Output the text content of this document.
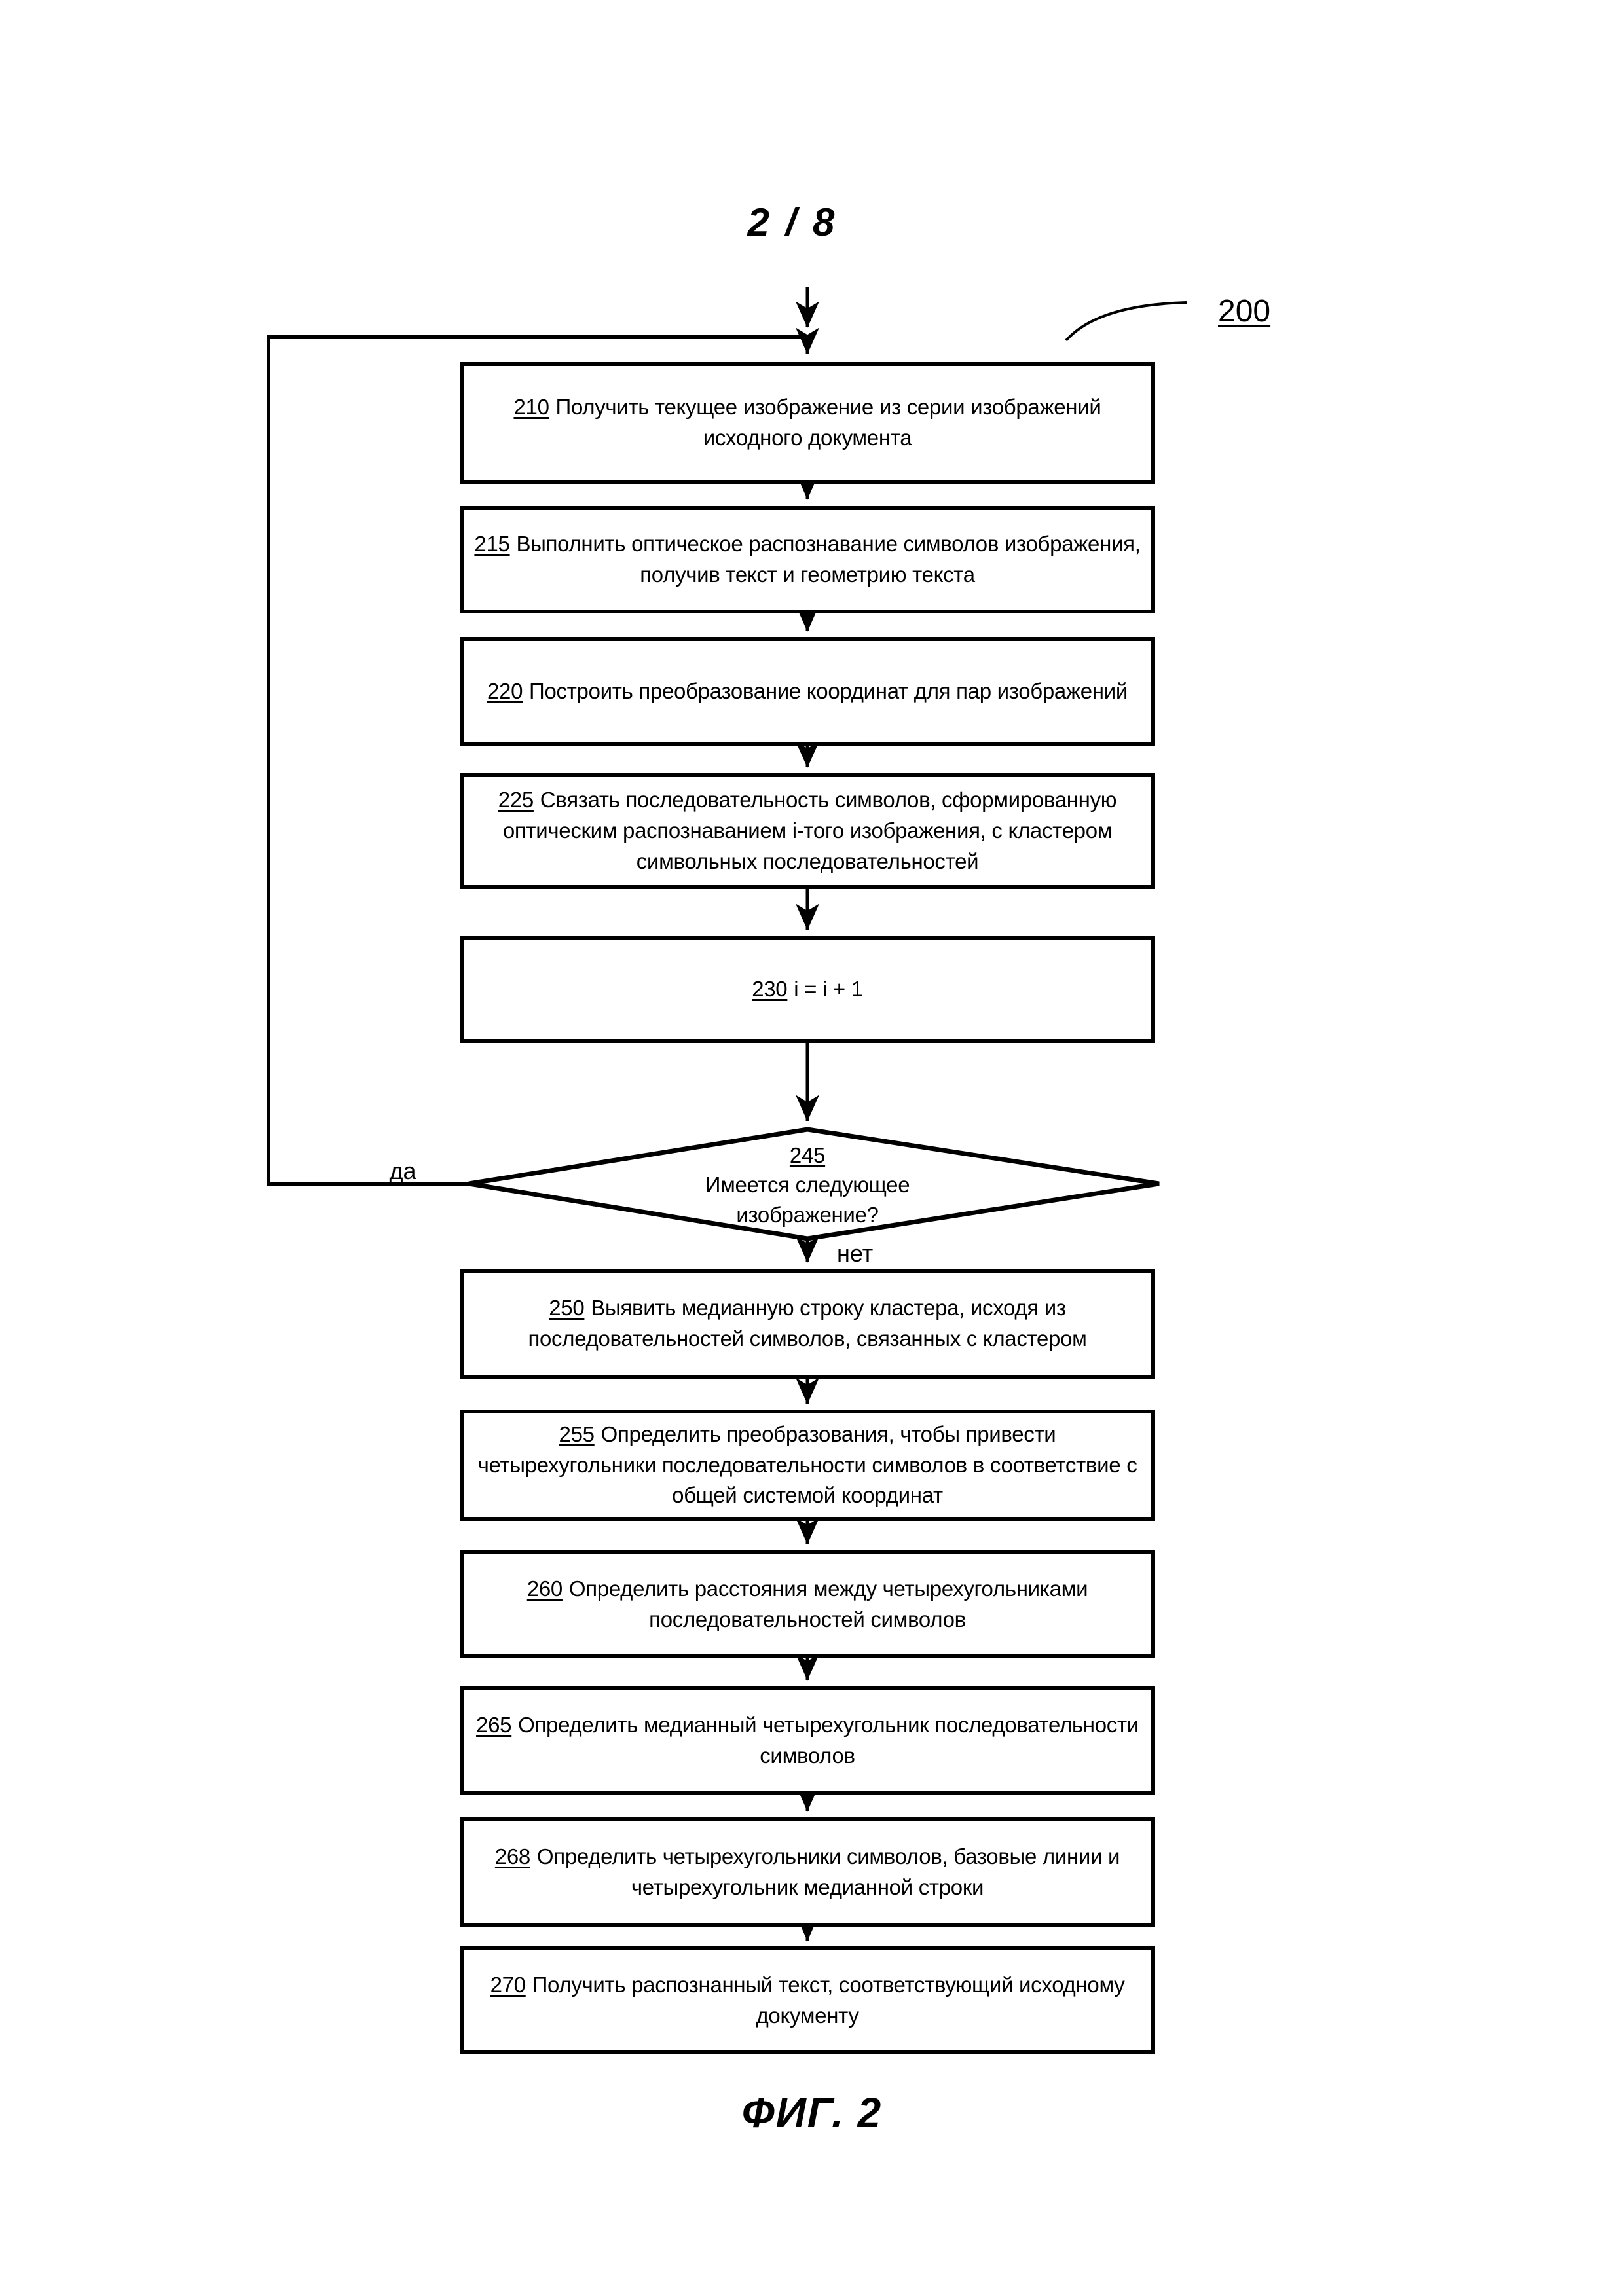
2 / 8
200
210 Получить текущее изображение из серии изображений исходного документа
215 Выполнить оптическое распознавание символов изображения, получив текст и геометрию текста
220 Построить преобразование координат для пар изображений
225 Связать последовательность символов, сформированную оптическим распознаванием i-того изображения, с кластером символьных последовательностей
230 i = i + 1
245
Имеется следующее изображение?
да
нет
250 Выявить медианную строку кластера, исходя из последовательностей символов, связанных с кластером
255 Определить преобразования, чтобы привести четырехугольники последовательности символов в соответствие с общей системой координат
260 Определить расстояния между четырехугольниками последовательностей символов
265 Определить медианный четырехугольник последовательности символов
268 Определить четырехугольники символов, базовые линии и четырехугольник медианной строки
270 Получить распознанный текст, соответствующий исходному документу
ФИГ. 2
